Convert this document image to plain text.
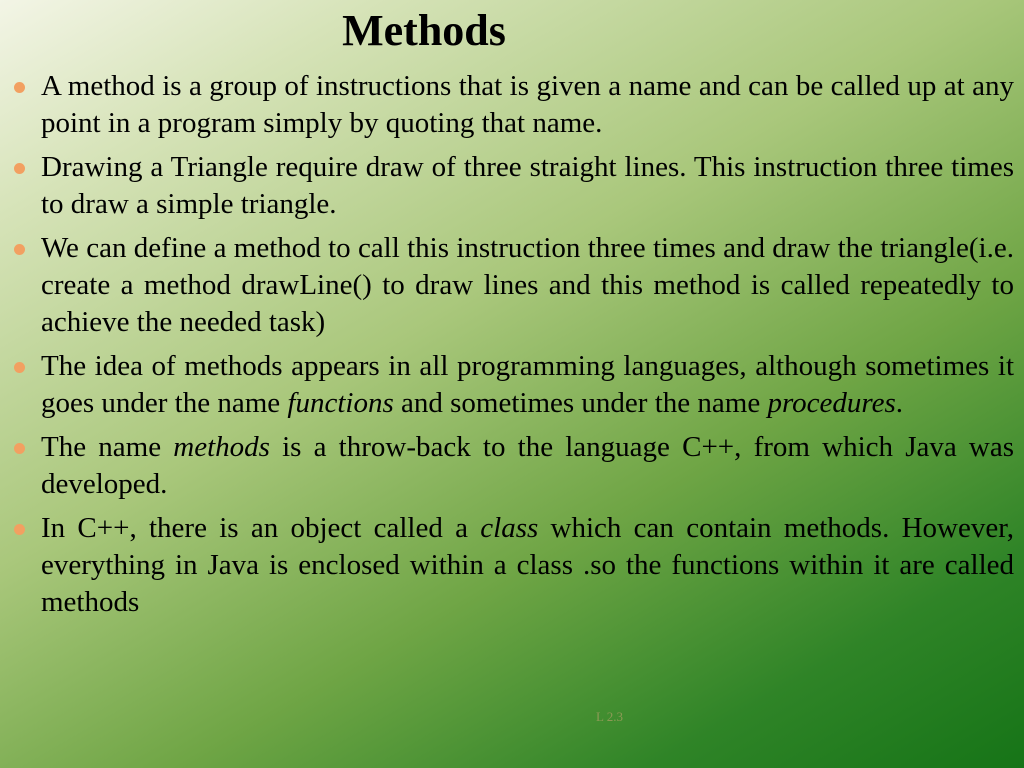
Methods
A method is a group of instructions that is given a name and can be called up at any point in a program simply by quoting that name.
Drawing a Triangle require draw of three straight lines. This instruction three times to draw a simple triangle.
We can define a method to call this instruction three times and draw the triangle(i.e. create a method drawLine() to draw lines and this method is called repeatedly to achieve the needed task)
The idea of methods appears in all programming languages, although sometimes it goes under the name functions and sometimes under the name procedures.
The name methods is a throw-back to the language C++, from which Java was developed.
In C++, there is an object called a class which can contain methods. However, everything in Java is enclosed within a class .so the functions within it are called methods
L 2.3
